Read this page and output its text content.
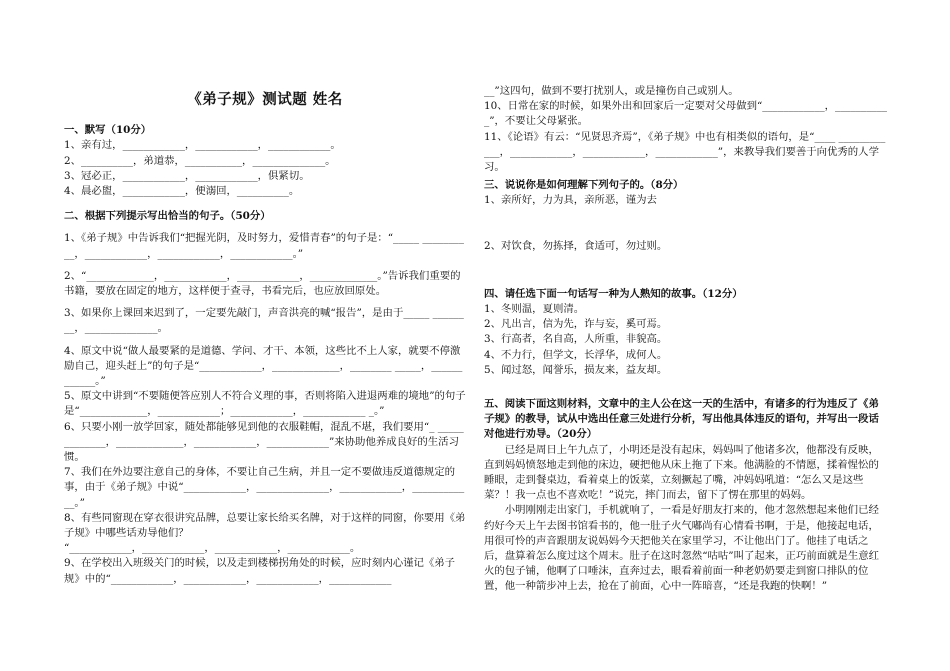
《弟子规》测试题 姓名
一、默写（10分）

1、亲有过，____________，____________，____________。

2、__________，弟道恭，___________，______________。

3、冠必正，____________，____________，俱紧切。

4、晨必盥，____________，便溺回，__________。

二、根据下列提示写出恰当的句子。（50分）

1、《弟子规》中告诉我们“把握光阴，及时努力，爱惜青春”的句子是：“_____ __________，____________，____________，____________。”

2、“_____________，____________，____________，_____________。”告诉我们重要的书籍，要放在固定的地方，这样便于查寻，书看完后，也应放回原处。

3、如果你上课回来迟到了，一定要先敲门，声音洪亮的喊“报告”，是由于_____ ________，______________。

4、原文中说“做人最要紧的是道德、学问、才干、本领，这些比不上人家，就要不停激励自己，迎头赶上”的句子是“____________，_____________，________ _____，____________。”

5、原文中讲到“不要随便答应别人不符合义理的事，否则将陷入进退两难的境地”的句子是“_____________，____________；____________，____________ _。”

6、只要小刚一放学回家，随处都能够见到他的衣服鞋帽，混乱不堪，我们要用“_ _____________，_____________，____________，____________”来协助他养成良好的生活习惯。

7、我们在外边要注意自己的身体，不要让自己生病，并且一定不要做违反道德规定的事，由于《弟子规》中说“____________，______________，____________，____________。”

8、有些同窗现在穿衣很讲究品牌，总要让家长给买名牌，对于这样的同窗，你要用《弟子规》中哪些话劝导他们？

“____________，____________，____________，____________。

9、在学校出入班级关门的时候，以及走到楼梯拐角处的时候，应时刻内心谨记《弟子规》中的“____________，____________，____________，____________

__”这四句，做到不要打扰别人，或是撞伤自己或别人。

10、日常在家的时候，如果外出和回家后一定要对父母做到“____________，___________”，不要让父母紧张。

11、《论语》有云：“见贤思齐焉”，《弟子规》中也有相类似的语句，是“____ ____________，____________，____________，____________”，来教导我们要善于向优秀的人学习。

三、说说你是如何理解下列句子的。（8分）

1、亲所好，力为具，亲所恶，谨为去

2、对饮食，勿拣择，食适可，勿过则。

四、请任选下面一句话写一种为人熟知的故事。（12分）

1、冬则温，夏则清。

2、凡出言，信为先，诈与妄，奚可焉。

3、行高者，名自高，人所重，非貌高。

4、不力行，但学文，长浮华，成何人。

5、闻过怒，闻誉乐，损友来，益友却。

五、阅读下面这则材料，文章中的主人公在这一天的生活中，有诸多的行为违反了《弟子规》的教导，试从中选出任意三处进行分析，写出他具体违反的语句，并写出一段话对他进行劝导。（20分）

已经是周日上午九点了，小明还是没有起床，妈妈叫了他诸多次，他都没有反映，直到妈妈愤怒地走到他的床边，硬把他从床上拖了下来。他满脸的不情愿，揉着惺忪的睡眼，走到餐桌边，看着桌上的饭菜，立刻撅起了嘴，冲妈妈吼道：“怎么又是这些菜？！我一点也不喜欢吃！”说完，摔门而去，留下了愣在那里的妈妈。

小明刚刚走出家门，手机就响了，一看是好朋友打来的，他才忽然想起来他们已经约好今天上午去图书馆看书的，他一肚子火气嘟尚有心情看书啊，于是，他接起电话，用很可怜的声音跟朋友说妈妈今天把他关在家里学习，不让他出门了。他挂了电话之后，盘算着怎么度过这个周末。肚子在这时忽然“咕咕”叫了起来，正巧前面就是生意红火的包子铺，他啊了口唾沫，直奔过去，眼看着前面一种老奶奶要走到窗口排队的位置，他一种箭步冲上去，抢在了前面，心中一阵暗喜，“还是我跑的快啊！”
